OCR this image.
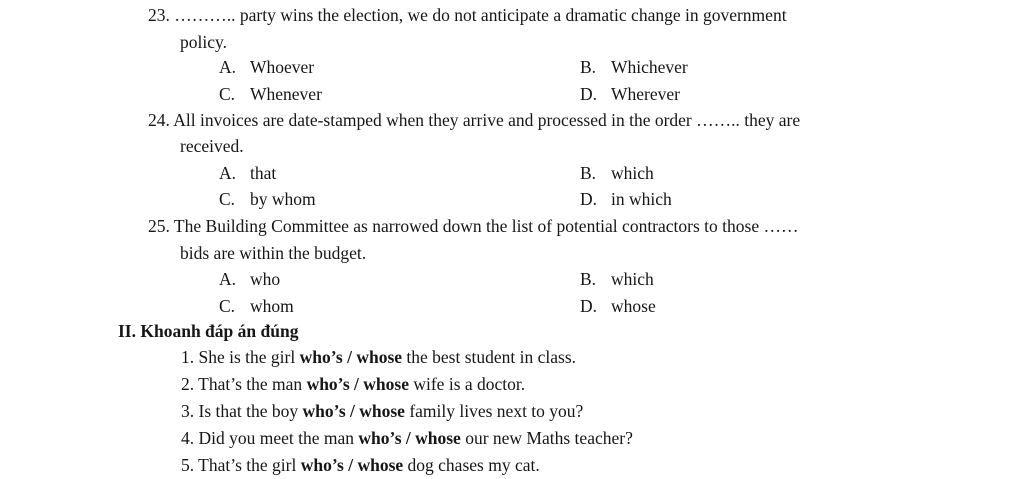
23. ……….. party wins the election, we do not anticipate a dramatic change in government
policy.
A. Whoever	B. Whichever
C. Whenever	D. Wherever
24. All invoices are date-stamped when they arrive and processed in the order …….. they are
received.
A. that	B. which
C. by whom	D. in which
25. The Building Committee as narrowed down the list of potential contractors to those ……
bids are within the budget.
A. who	B. which
C. whom	D. whose
II. Khoanh đáp án đúng
1. She is the girl who’s / whose the best student in class.
2. That’s the man who’s / whose wife is a doctor.
3. Is that the boy who’s / whose family lives next to you?
4. Did you meet the man who’s / whose our new Maths teacher?
5. That’s the girl who’s / whose dog chases my cat.
